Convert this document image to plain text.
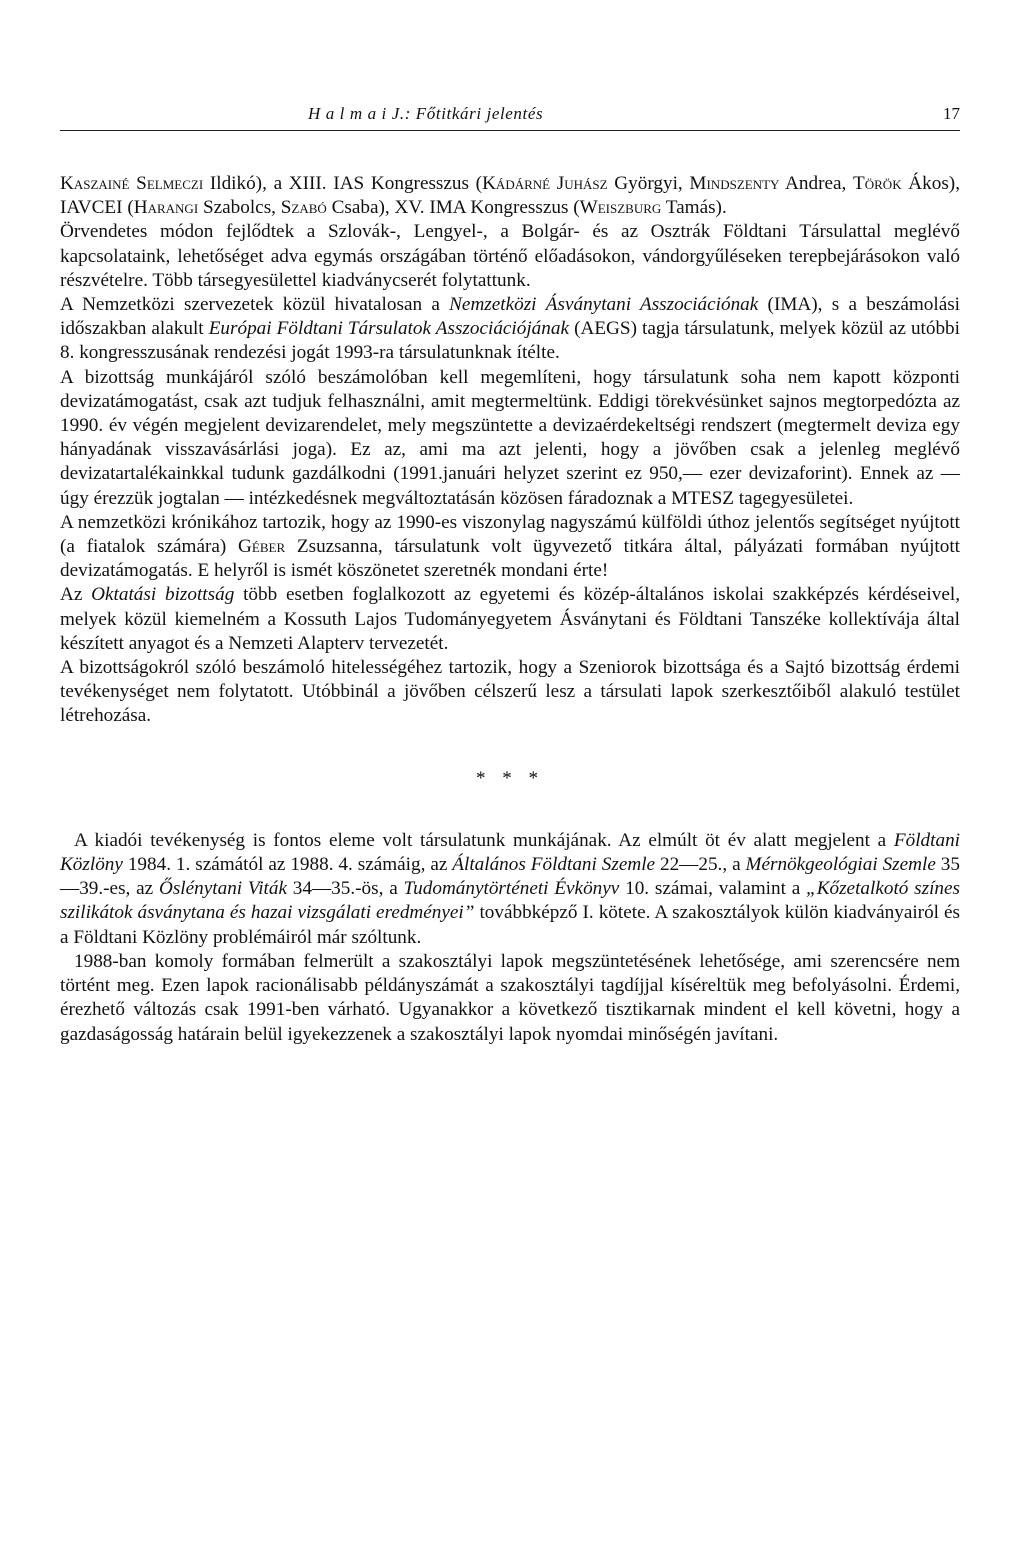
H a l m a i J.: Főtitkári jelentés	17

Kaszainé Selmeczi Ildikó), a XIII. IAS Kongresszus (Kádárné Juhász Györgyi, Mindszenty Andrea, Török Ákos), IAVCEI (Harangi Szabolcs, Szabó Csaba), XV. IMA Kongresszus (Weiszburg Tamás).

Örvendetes módon fejlődtek a Szlovák-, Lengyel-, a Bolgár- és az Osztrák Földtani Társulattal meglévő kapcsolataink, lehetőséget adva egymás országában történő előadásokon, vándorgyűléseken terepbejárásokon való részvételre. Több társegyesülettel kiadványcserét folytattunk.

A Nemzetközi szervezetek közül hivatalosan a Nemzetközi Ásványtani Asszociációnak (IMA), s a beszámolási időszakban alakult Európai Földtani Társulatok Asszociációjának (AEGS) tagja társulatunk, melyek közül az utóbbi 8. kongresszusának rendezési jogát 1993-ra társulatunknak ítélte.

A bizottság munkájáról szóló beszámolóban kell megemlíteni, hogy társulatunk soha nem kapott központi devizatámogatást, csak azt tudjuk felhasználni, amit megtermeltünk. Eddigi törekvésünket sajnos megtorpedózta az 1990. év végén megjelent devizarendelet, mely megszüntette a devizaérdekeltségi rendszert (megtermelt deviza egy hányadának visszavásárlási joga). Ez az, ami ma azt jelenti, hogy a jövőben csak a jelenleg meglévő devizatartalékainkkal tudunk gazdálkodni (1991.januári helyzet szerint ez 950,— ezer devizaforint). Ennek az — úgy érezzük jogtalan — intézkedésnek megváltoztatásán közösen fáradoznak a MTESZ tagegyesületei.

A nemzetközi krónikához tartozik, hogy az 1990-es viszonylag nagyszámú külföldi úthoz jelentős segítséget nyújtott (a fiatalok számára) Géber Zsuzsanna, társulatunk volt ügyvezető titkára által, pályázati formában nyújtott devizatámogatás. E helyről is ismét köszönetet szeretnék mondani érte!

Az Oktatási bizottság több esetben foglalkozott az egyetemi és közép-általános iskolai szakképzés kérdéseivel, melyek közül kiemelném a Kossuth Lajos Tudományegyetem Ásványtani és Földtani Tanszéke kollektívája által készített anyagot és a Nemzeti Alapterv tervezetét.

A bizottságokról szóló beszámoló hitelességéhez tartozik, hogy a Szeniorok bizottsága és a Sajtó bizottság érdemi tevékenységet nem folytatott. Utóbbinál a jövőben célszerű lesz a társulati lapok szerkesztőiből alakuló testület létrehozása.

* * *

A kiadói tevékenység is fontos eleme volt társulatunk munkájának. Az elmúlt öt év alatt megjelent a Földtani Közlöny 1984. 1. számától az 1988. 4. számáig, az Általános Földtani Szemle 22—25., a Mérnökgeológiai Szemle 35—39.-es, az Őslénytani Viták 34—35.-ös, a Tudománytörténeti Évkönyv 10. számai, valamint a „Kőzetalkotó színes szilikátok ásványtana és hazai vizsgálati eredményei” továbbképző I. kötete. A szakosztályok külön kiadványairól és a Földtani Közlöny problémáiról már szóltunk.

1988-ban komoly formában felmerült a szakosztályi lapok megszüntetésének lehetősége, ami szerencsére nem történt meg. Ezen lapok racionálisabb példányszámát a szakosztályi tagdíjjal kíséreltük meg befolyásolni. Érdemi, érezhető változás csak 1991-ben várható. Ugyanakkor a következő tisztikarnak mindent el kell követni, hogy a gazdaságosság határain belül igyekezzenek a szakosztályi lapok nyomdai minőségén javítani.
